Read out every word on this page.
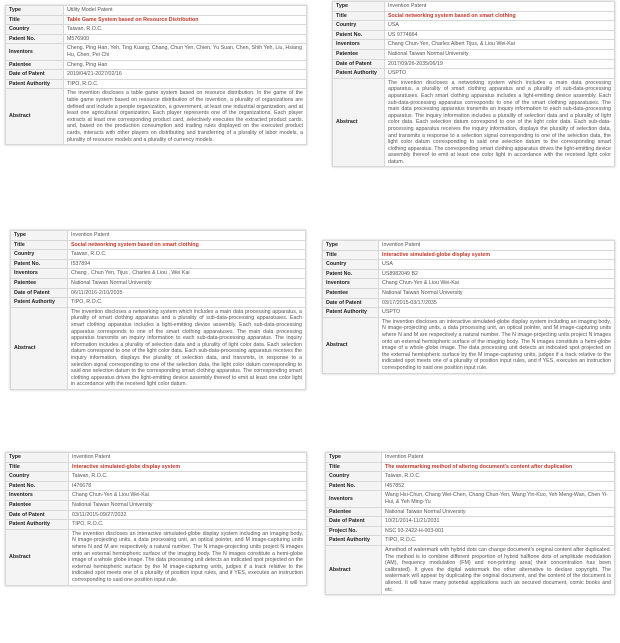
Type	Utility Model Patent
Title	Table Game System based on Resource Distribution
Country	Taiwan, R.O.C.
Patent No.	M576900
Inventors	Cheng, Ping Han, Yeh, Ting Kuang, Chang, Chun Yen, Chien, Yu Suan, Chen, Shih Yeh, Liu, Hsiang Hu, Chen, Pei Chi
Patentee	Cheng, Ping Han
Date of Patent	2019/04/21-2027/02/16
Patent Authority	TIPO, R.O.C.
Abstract	The invention discloses a table game system based on resource distribution. In the game of the table game system based on resource distribution of the invention, a plurality of organizations are defined and include a people organization, a government, at least one industrial organization, and at least one agricultural organization. Each player represents one of the organizations. Each player extracts at least one corresponding product card, selectively executes the extracted product cards, and, based on the production consumption and trading rules displayed on the executed product cards, interacts with other players on distributing and transferring of a plurality of labor models, a plurality of resource models and a plurality of currency models.
Type	Invention Patent
Title	Social networking system based on smart clothing
Country	USA
Patent No.	US 9774664
Inventors	Chang Chun-Yen, Charles Albert Tijus, & Liou Wei-Kai
Patentee	National Taiwan Normal University
Date of Patent	2017/09/26-2035/06/19
Patent Authority	USPTO
Abstract	The invention discloses a networking system which includes a main data processing apparatus, a plurality of smart clothing apparatus and a plurality of sub-data-processing apparatuses. Each smart clothing apparatus includes a light-emitting device assembly. Each sub-data-processing apparatus corresponds to one of the smart clothing apparatuses. The main data processing apparatus transmits an inquiry information to each sub-data-processing apparatus. The inquiry information includes a plurality of selection data and a plurality of light color data. Each selection datum correspond to one of the light color data. Each sub-data-processing apparatus receives the inquiry information, displays the plurality of selection data, and transmits a response to a selection signal corresponding to one of the selection data, the light color datum corresponding to said one selection datum to the corresponding smart clothing apparatus. The corresponding smart clothing apparatus drives the light-emitting device assembly thereof to emit at least one color light in accordance with the received light color datum.
Type	Invention Patent
Title	Social networking system based on smart clothing
Country	Taiwan, R.O.C.
Patent No.	I537894
Inventors	Chang , Chun Yen, Tijus , Charles & Liou , Wei Kai
Patentee	National Taiwan Normal University
Date of Patent	06/11/2016-2/10/2035
Patent Authority	TIPO, R.O.C.
Abstract	The invention discloses a networking system which includes a main data processing apparatus, a plurality of smart clothing apparatus and a plurality of sub-data-processing apparatuses. Each smart clothing apparatus includes a light-emitting device assembly. Each sub-data-processing apparatus corresponds to one of the smart clothing apparatuses. The main data processing apparatus transmits an inquiry information to each sub-data-processing apparatus. The inquiry information includes a plurality of selection data and a plurality of light color data. Each selection datum correspond to one of the light color data. Each sub-data-processing apparatus receives the inquiry information, displays the plurality of selection data, and transmits, in response to a selection signal corresponding to one of the selection data, the light color datum corresponding to said one selection datum to the corresponding smart clothing apparatus. The corresponding smart clothing apparatus drives the light-emitting device assembly thereof to emit at least one color light in accordance with the received light color datum.
Type	Invention Patent
Title	Interactive simulated-globe display system
Country	USA
Patent No.	US8982049 B2
Inventors	Chang Chun-Yen & Liou Wei-Kai
Patentee	National Taiwan Normal University
Date of Patent	03/17/2015-03/17/2035
Patent Authority	USPTO
Abstract	The invention discloses an interactive simulated-globe display system including an imaging body, N image-projecting units, a data processing unit, an optical pointer, and M image-capturing units where N and M are respectively a natural number. The N image-projecting units project N images onto an external hemispheric surface of the imaging body. The N images constitute a hemi-globe image of a whole globe image. The data processing unit detects an indicated spot projected on the external hemispheric surface by the M image-capturing units, judges if a track relative to the indicated spot meets one of a plurality of position input rules, and if YES, executes an instruction corresponding to said one position input rule.
Type	Invention Patent
Title	Interactive simulated-globe display system
Country	Taiwan, R.O.C.
Patent No.	I476678
Inventors	Chang Chun-Yen & Liou Wei-Kai
Patentee	National Taiwan Normal University
Date of Patent	03/11/2015-09/27/2032
Patent Authority	TIPO, R.O.C.
Abstract	The invention discloses an interactive simulated-globe display system including an imaging body, N image-projecting units, a data processing unit, an optical pointer, and M image-capturing units where N and M are respectively a natural number. The N image-projecting units project N images onto an external hemispheric surface of the imaging body. The N images constitute a hemi-globe image of a whole globe image. The data processing unit detects an indicated spot projected on the external hemispheric surface by the M image-capturing units, judges if a track relative to the indicated spot meets one of a plurality of position input rules, and if YES, executes an instruction corresponding to said one position input rule.
Type	Invention Patent
Title	The watermarking method of altering document's content after duplication
Country	Taiwan, R.O.C.
Patent No.	I457852
Inventors	Wang Hsi-Chun, Chang Wei-Chen, Chang Chun-Yen, Wang Yin-Kuo, Yeh Meng-Wan, Chen Yi-Hui, & Yeh Ming-Yu
Patentee	National Taiwan Normal University
Date of Patent	10/21/2014-11/21/2031
Project No.	NSC 93-2422-H-003-001
Patent Authority	TIPO, R.O.C.
Abstract	Amethod of watermark with hybrid dots can change document's original content after duplicated. The method is to combine different proportion of hybrid halftone dots of amplitude modulation (AM), frequency modulation (FM) and non-printing area( their concentration has been calibrated). It gives the digital watermark the other alternative to declare copyright. The watermark will appear by duplicating the original document, and the content of the document is altered. It will have many potential applications such as secured document, comic books and etc.
